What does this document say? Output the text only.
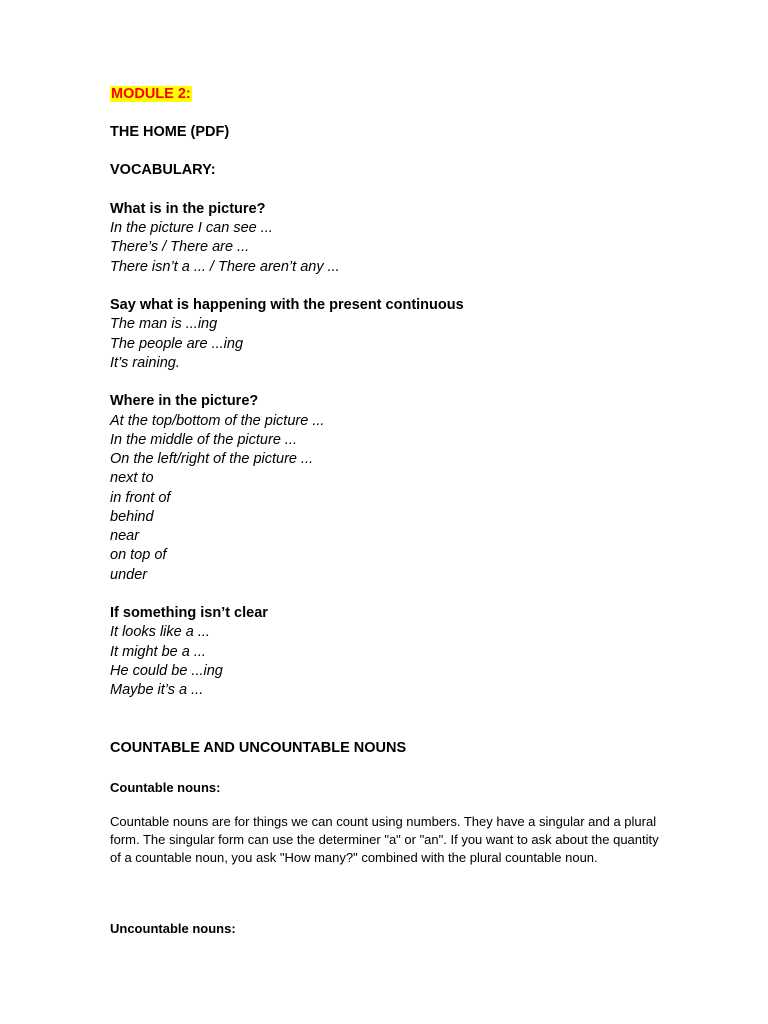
MODULE 2:
THE HOME (PDF)
VOCABULARY:
What is in the picture?
In the picture I can see ...
There’s / There are ...
There isn’t a ... / There aren’t any ...
Say what is happening with the present continuous
The man is ...ing
The people are ...ing
It’s raining.
Where in the picture?
At the top/bottom of the picture ...
In the middle of the picture ...
On the left/right of the picture ...
next to
in front of
behind
near
on top of
under
If something isn’t clear
It looks like a ...
It might be a ...
He could be ...ing
Maybe it’s a ...
COUNTABLE AND UNCOUNTABLE NOUNS
Countable nouns:
Countable nouns are for things we can count using numbers. They have a singular and a plural form. The singular form can use the determiner "a" or "an". If you want to ask about the quantity of a countable noun, you ask "How many?" combined with the plural countable noun.
Uncountable nouns:
